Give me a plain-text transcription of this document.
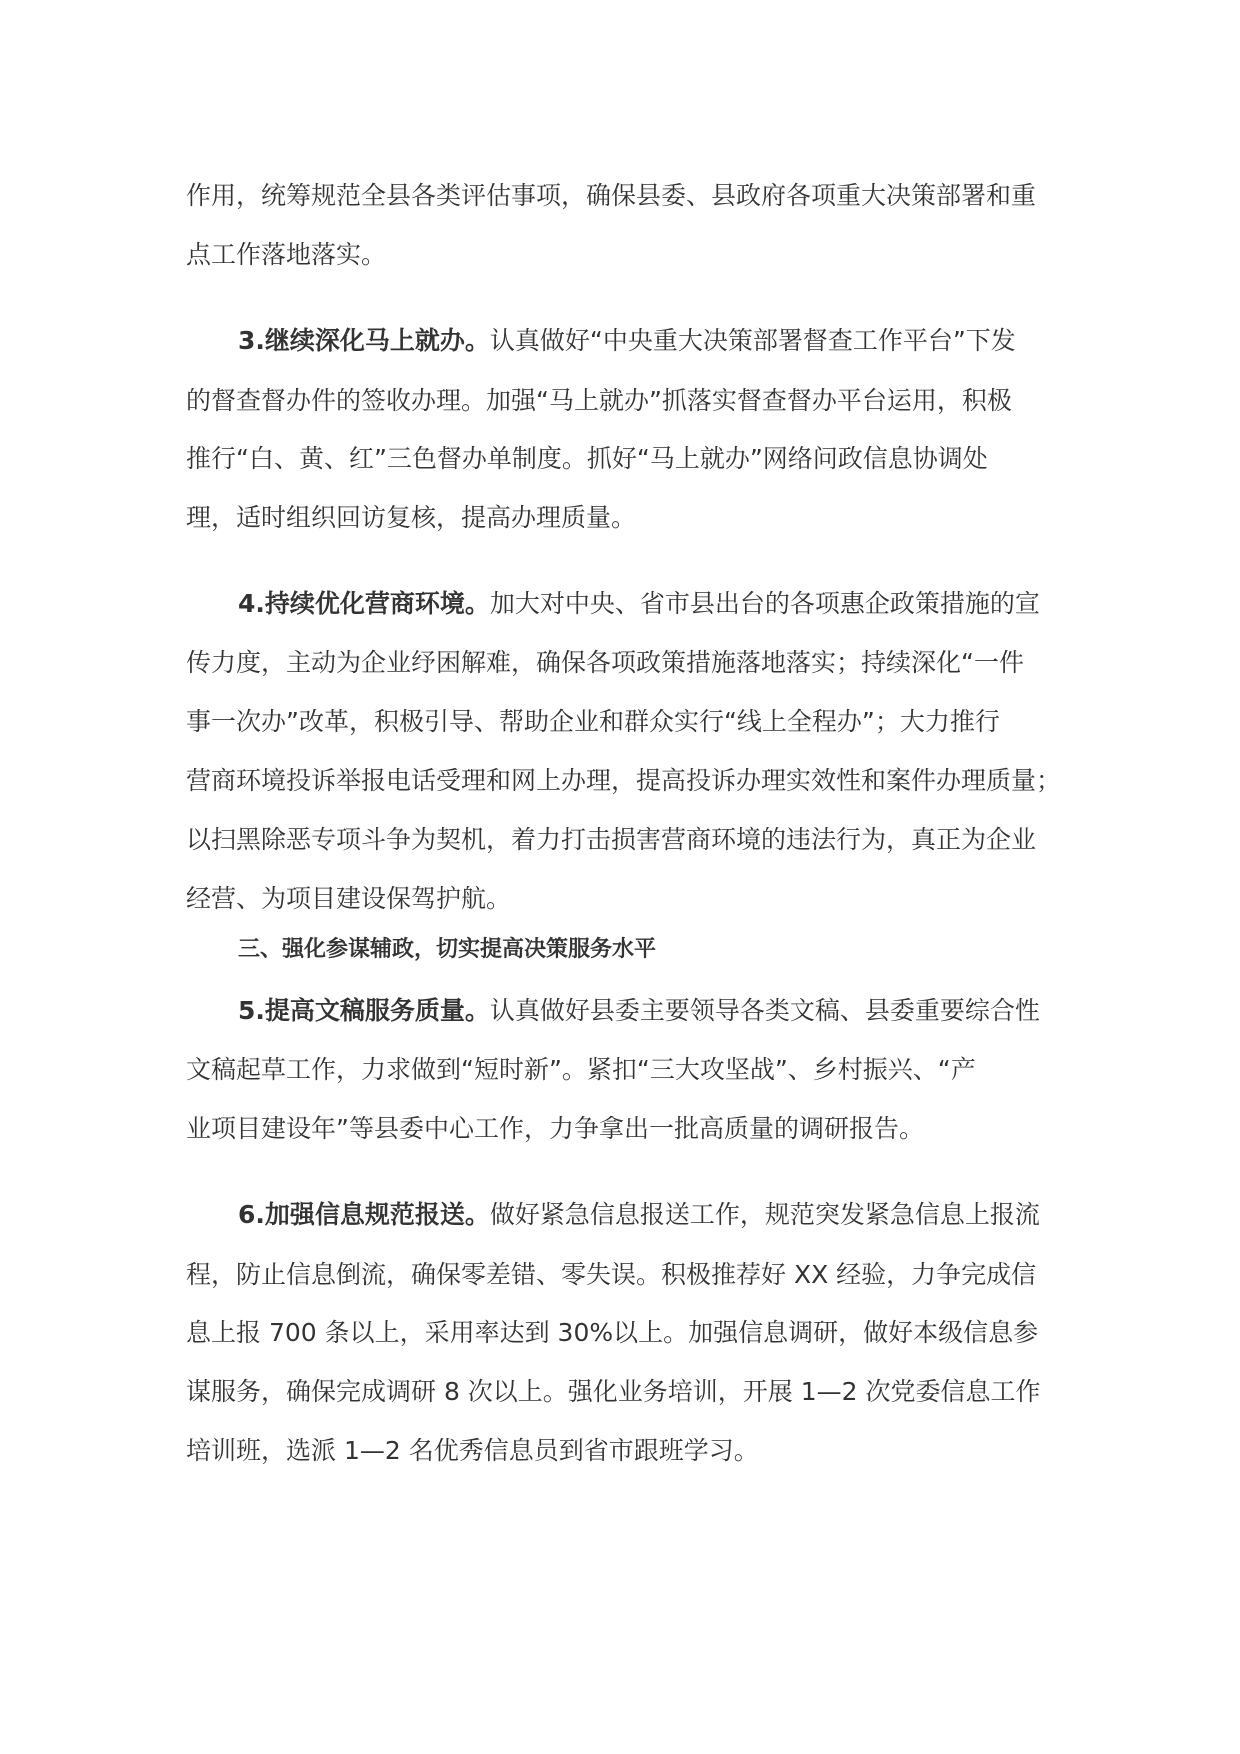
作用，统筹规范全县各类评估事项，确保县委、县政府各项重大决策部署和重
点工作落地落实。
3.继续深化马上就办。认真做好“中央重大决策部署督查工作平台”下发
的督查督办件的签收办理。加强“马上就办”抓落实督查督办平台运用，积极
推行“白、黄、红”三色督办单制度。抓好“马上就办”网络问政信息协调处
理，适时组织回访复核，提高办理质量。
4.持续优化营商环境。加大对中央、省市县出台的各项惠企政策措施的宣
传力度，主动为企业纾困解难，确保各项政策措施落地落实；持续深化“一件
事一次办”改革，积极引导、帮助企业和群众实行“线上全程办”；大力推行
营商环境投诉举报电话受理和网上办理，提高投诉办理实效性和案件办理质量；
以扫黑除恶专项斗争为契机，着力打击损害营商环境的违法行为，真正为企业
经营、为项目建设保驾护航。
三、强化参谋辅政，切实提高决策服务水平
5.提高文稿服务质量。认真做好县委主要领导各类文稿、县委重要综合性
文稿起草工作，力求做到“短时新”。紧扣“三大攻坚战”、乡村振兴、“产
业项目建设年”等县委中心工作，力争拿出一批高质量的调研报告。
6.加强信息规范报送。做好紧急信息报送工作，规范突发紧急信息上报流
程，防止信息倒流，确保零差错、零失误。积极推荐好 XX 经验，力争完成信
息上报 700 条以上，采用率达到 30%以上。加强信息调研，做好本级信息参
谋服务，确保完成调研 8 次以上。强化业务培训，开展 1—2 次党委信息工作
培训班，选派 1—2 名优秀信息员到省市跟班学习。
